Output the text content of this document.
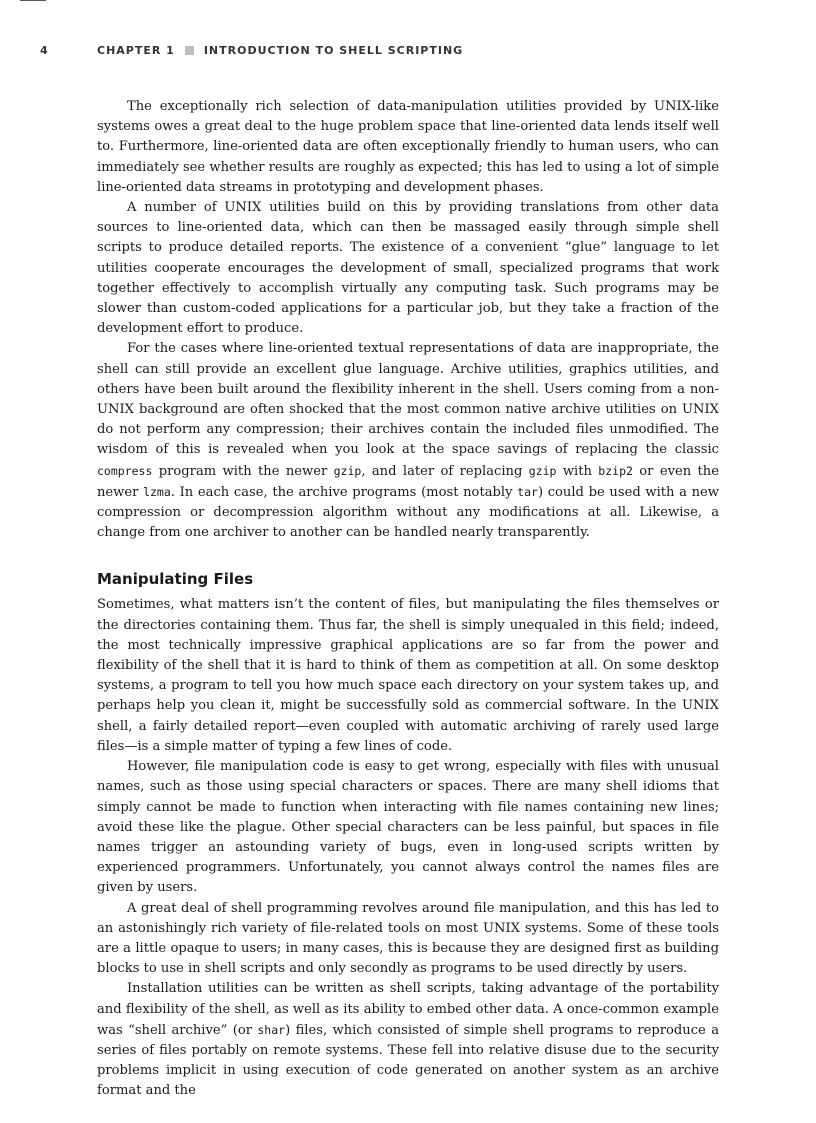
4	CHAPTER 1	INTRODUCTION TO SHELL SCRIPTING

The exceptionally rich selection of data-manipulation utilities provided by UNIX-like systems owes a great deal to the huge problem space that line-oriented data lends itself well to. Furthermore, line-oriented data are often exceptionally friendly to human users, who can immediately see whether results are roughly as expected; this has led to using a lot of simple line-oriented data streams in prototyping and development phases.

A number of UNIX utilities build on this by providing translations from other data sources to line-oriented data, which can then be massaged easily through simple shell scripts to produce detailed reports. The existence of a convenient “glue” language to let utilities cooperate encourages the development of small, specialized programs that work together effectively to accomplish virtually any computing task. Such programs may be slower than custom-coded applications for a particular job, but they take a fraction of the development effort to produce.

For the cases where line-oriented textual representations of data are inappropriate, the shell can still provide an excellent glue language. Archive utilities, graphics utilities, and others have been built around the flexibility inherent in the shell. Users coming from a non-UNIX background are often shocked that the most common native archive utilities on UNIX do not perform any compression; their archives contain the included files unmodified. The wisdom of this is revealed when you look at the space savings of replacing the classic compress program with the newer gzip, and later of replacing gzip with bzip2 or even the newer lzma. In each case, the archive programs (most notably tar) could be used with a new compression or decompression algorithm without any modifications at all. Likewise, a change from one archiver to another can be handled nearly transparently.

Manipulating Files

Sometimes, what matters isn’t the content of files, but manipulating the files themselves or the directories containing them. Thus far, the shell is simply unequaled in this field; indeed, the most technically impressive graphical applications are so far from the power and flexibility of the shell that it is hard to think of them as competition at all. On some desktop systems, a program to tell you how much space each directory on your system takes up, and perhaps help you clean it, might be successfully sold as commercial software. In the UNIX shell, a fairly detailed report—even coupled with automatic archiving of rarely used large files—is a simple matter of typing a few lines of code.

However, file manipulation code is easy to get wrong, especially with files with unusual names, such as those using special characters or spaces. There are many shell idioms that simply cannot be made to function when interacting with file names containing new lines; avoid these like the plague. Other special characters can be less painful, but spaces in file names trigger an astounding variety of bugs, even in long-used scripts written by experienced programmers. Unfortunately, you cannot always control the names files are given by users.

A great deal of shell programming revolves around file manipulation, and this has led to an astonishingly rich variety of file-related tools on most UNIX systems. Some of these tools are a little opaque to users; in many cases, this is because they are designed first as building blocks to use in shell scripts and only secondly as programs to be used directly by users.

Installation utilities can be written as shell scripts, taking advantage of the portability and flexibility of the shell, as well as its ability to embed other data. A once-common example was “shell archive” (or shar) files, which consisted of simple shell programs to reproduce a series of files portably on remote systems. These fell into relative disuse due to the security problems implicit in using execution of code generated on another system as an archive format and the
